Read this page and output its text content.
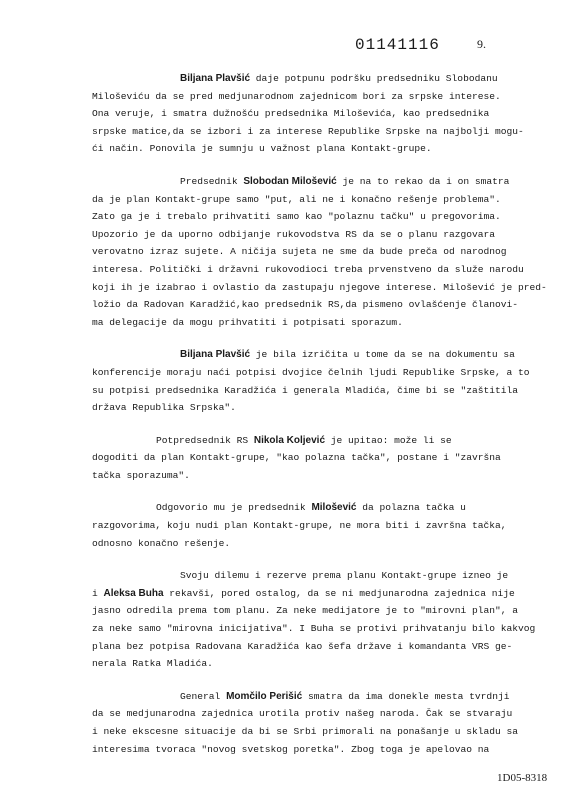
01141116	9.
Biljana Plavšić daje potpunu podršku predsedniku Slobodanu
Miloševiću da se pred medjunarodnom zajednicom bori za srpske interese.
Ona veruje, i smatra dužnošću predsednika Miloševića, kao predsednika
srpske matice,da se izbori i za interese Republike Srpske na najbolji mogu-
ći način. Ponovila je sumnju u važnost plana Kontakt-grupe.
Predsednik Slobodan Milošević je na to rekao da i on smatra
da je plan Kontakt-grupe samo "put, ali ne i konačno rešenje problema".
Zato ga je i trebalo prihvatiti samo kao "polaznu tačku" u pregovorima.
Upozorio je da uporno odbijanje rukovodstva RS da se o planu razgovara
verovatno izraz sujete. A ničija sujeta ne sme da bude preča od narodnog
interesa. Politički i državni rukovodioci treba prvenstveno da služe narodu
koji ih je izabrao i ovlastio da zastupaju njegove interese. Milošević je pred-
ložio da Radovan Karadžić,kao predsednik RS,da pismeno ovlašćenje članovi-
ma delegacije da mogu prihvatiti i potpisati sporazum.
Biljana Plavšić je bila izričita u tome da se na dokumentu sa
konferencije moraju naći potpisi dvojice čelnih ljudi Republike Srpske, a to
su potpisi predsednika Karadžića i generala Mladića, čime bi se "zaštitila
država Republika Srpska".
Potpredsednik RS Nikola Koljević je upitao: može li se
dogoditi da plan Kontakt-grupe, "kao polazna tačka", postane i "završna
tačka sporazuma".
Odgovorio mu je predsednik Milošević da polazna tačka u
razgovorima, koju nudi plan Kontakt-grupe, ne mora biti i završna tačka,
odnosno konačno rešenje.
Svoju dilemu i rezerve prema planu Kontakt-grupe izneo je
i Aleksa Buha rekavši, pored ostalog, da se ni medjunarodna zajednica nije
jasno odredila prema tom planu. Za neke medijatore je to "mirovni plan", a
za neke samo "mirovna inicijativa". I Buha se protivi prihvatanju bilo kakvog
plana bez potpisa Radovana Karadžića kao šefa države i komandanta VRS ge-
nerala Ratka Mladića.
General Momčilo Perišić smatra da ima donekle mesta tvrdnji
da se medjunarodna zajednica urotila protiv našeg naroda. Čak se stvaraju
i neke ekscesne situacije da bi se Srbi primorali na ponašanje u skladu sa
interesima tvoraca "novog svetskog poretka". Zbog toga je apelovao na
1D05-8318
